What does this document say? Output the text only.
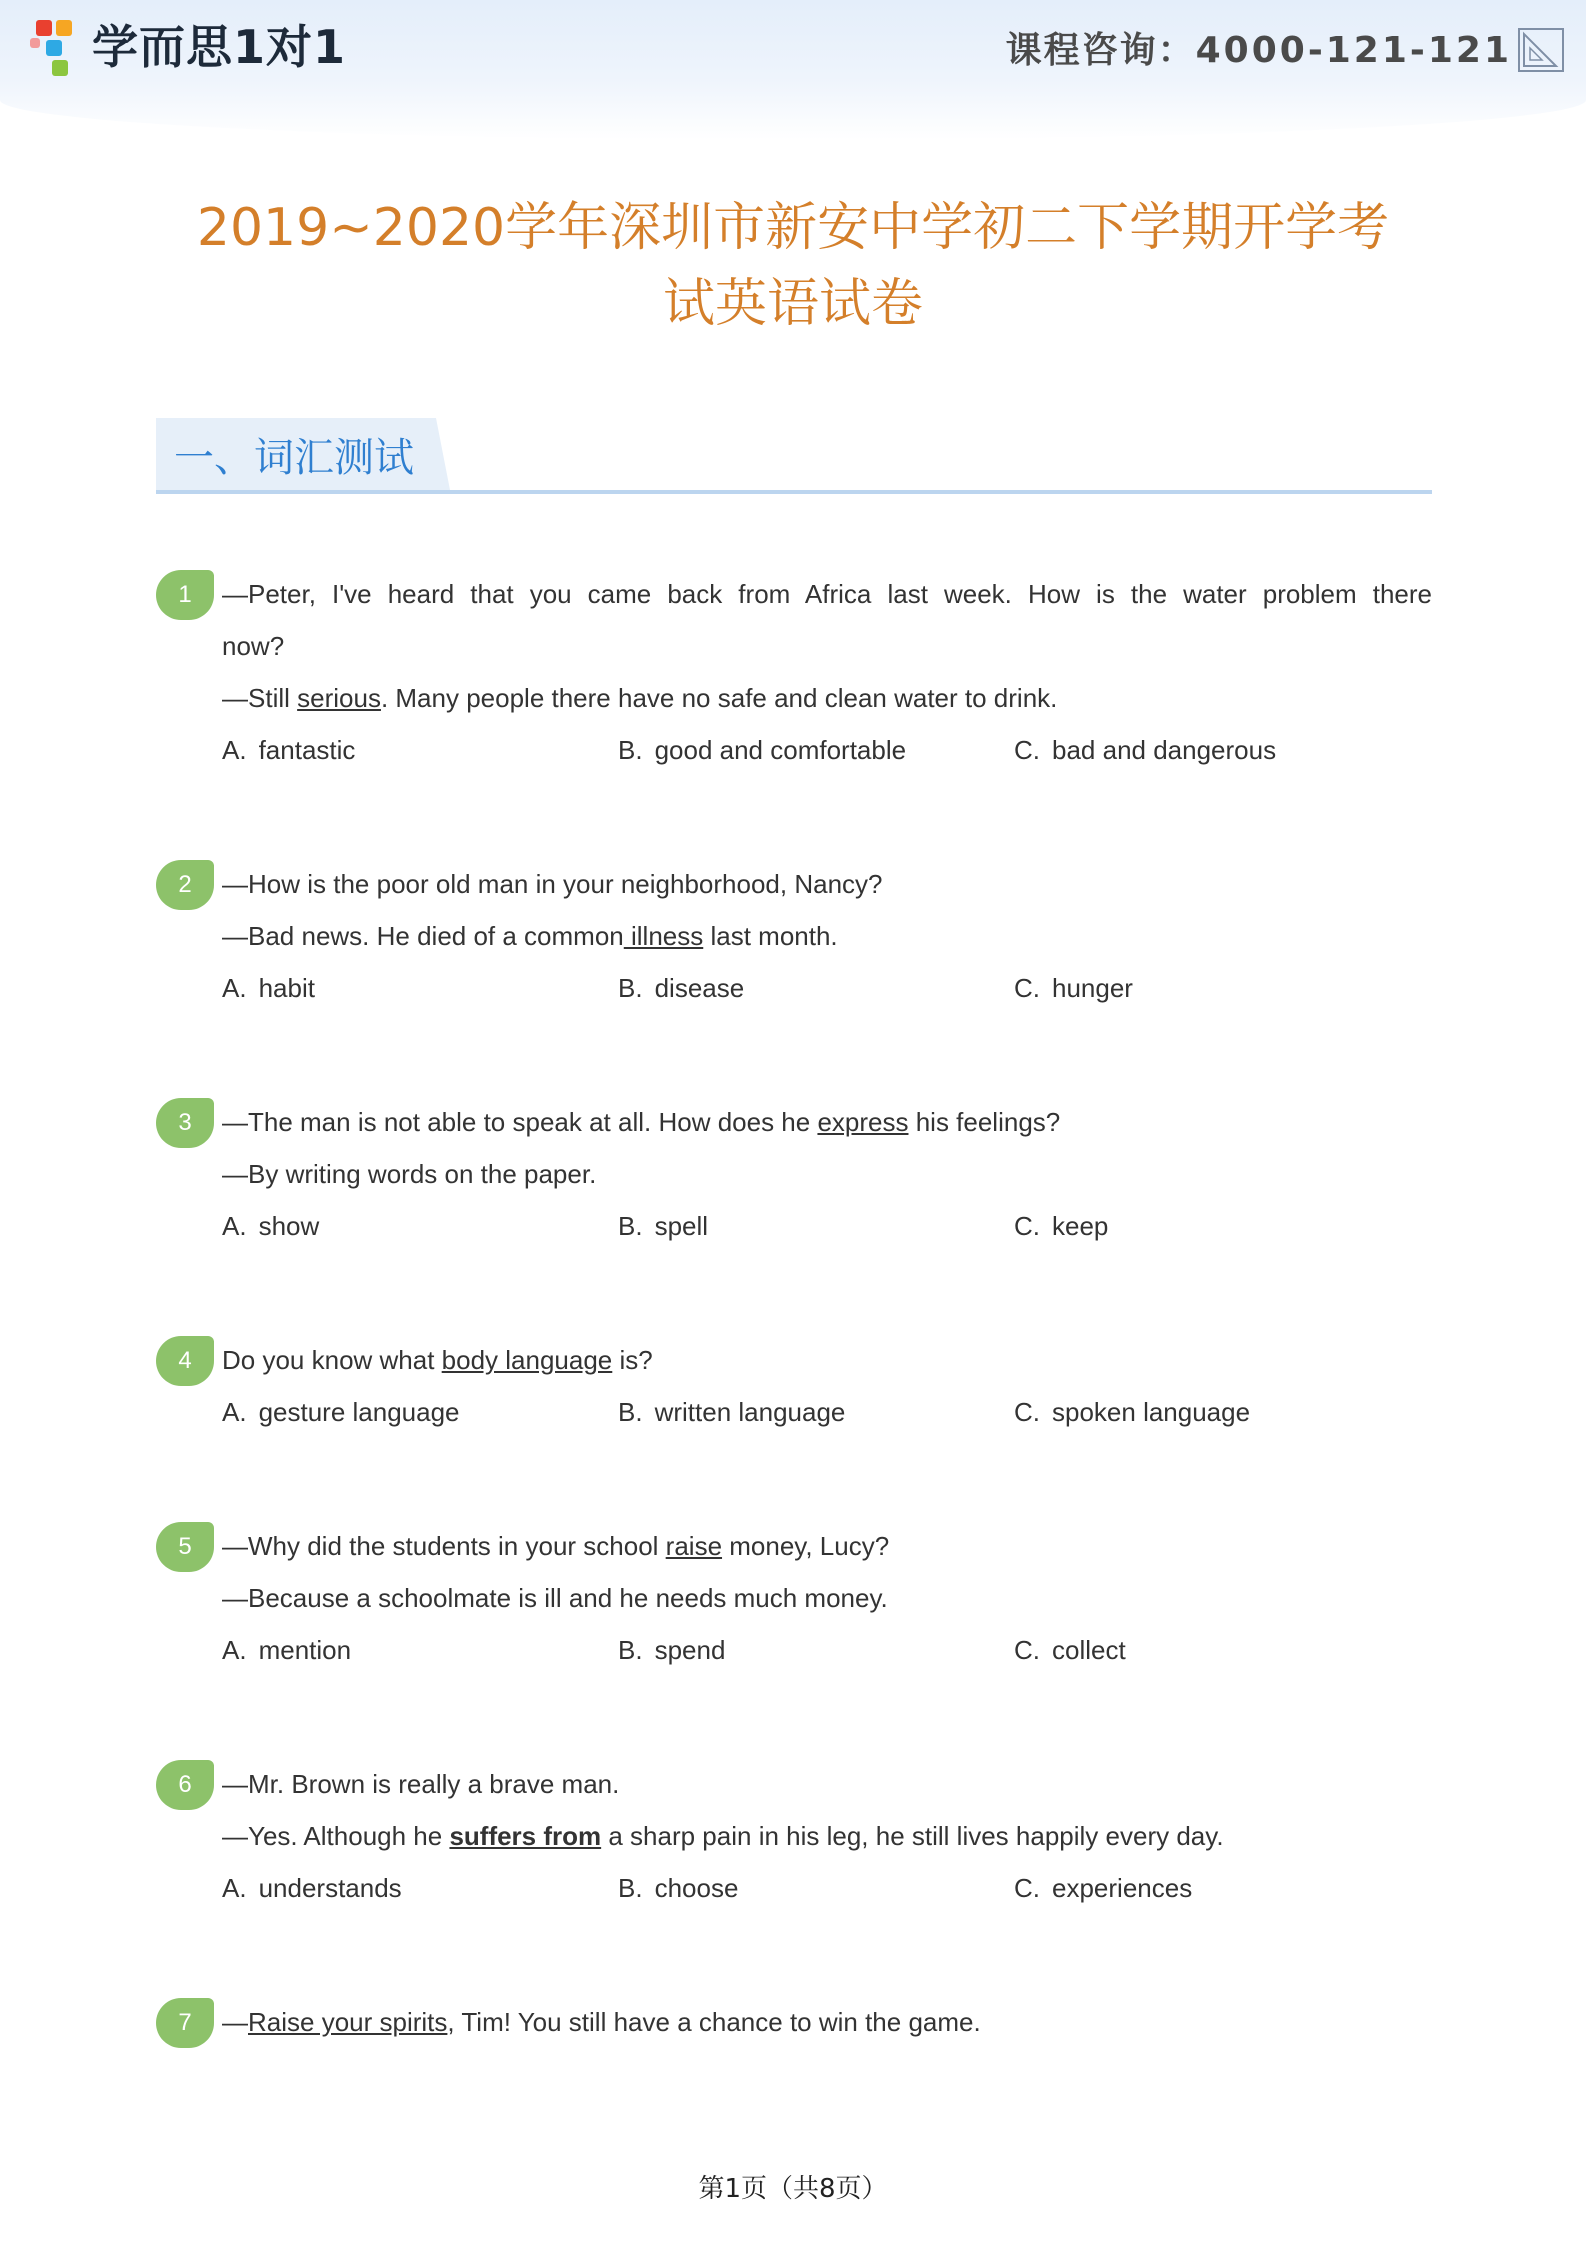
学而思1对1	课程咨询：4000-121-121
2019~2020学年深圳市新安中学初二下学期开学考
试英语试卷
一、词汇测试
1	—Peter, I've heard that you came back from Africa last week. How is the water problem there
now?
—Still serious. Many people there have no safe and clean water to drink.
A. fantastic	B. good and comfortable	C. bad and dangerous
2	—How is the poor old man in your neighborhood, Nancy?
—Bad news. He died of a common illness last month.
A. habit	B. disease	C. hunger
3	—The man is not able to speak at all. How does he express his feelings?
—By writing words on the paper.
A. show	B. spell	C. keep
4	Do you know what body language is?
A. gesture language	B. written language	C. spoken language
5	—Why did the students in your school raise money, Lucy?
—Because a schoolmate is ill and he needs much money.
A. mention	B. spend	C. collect
6	—Mr. Brown is really a brave man.
—Yes. Although he suffers from a sharp pain in his leg, he still lives happily every day.
A. understands	B. choose	C. experiences
7	—Raise your spirits, Tim! You still have a chance to win the game.
第1页（共8页）
